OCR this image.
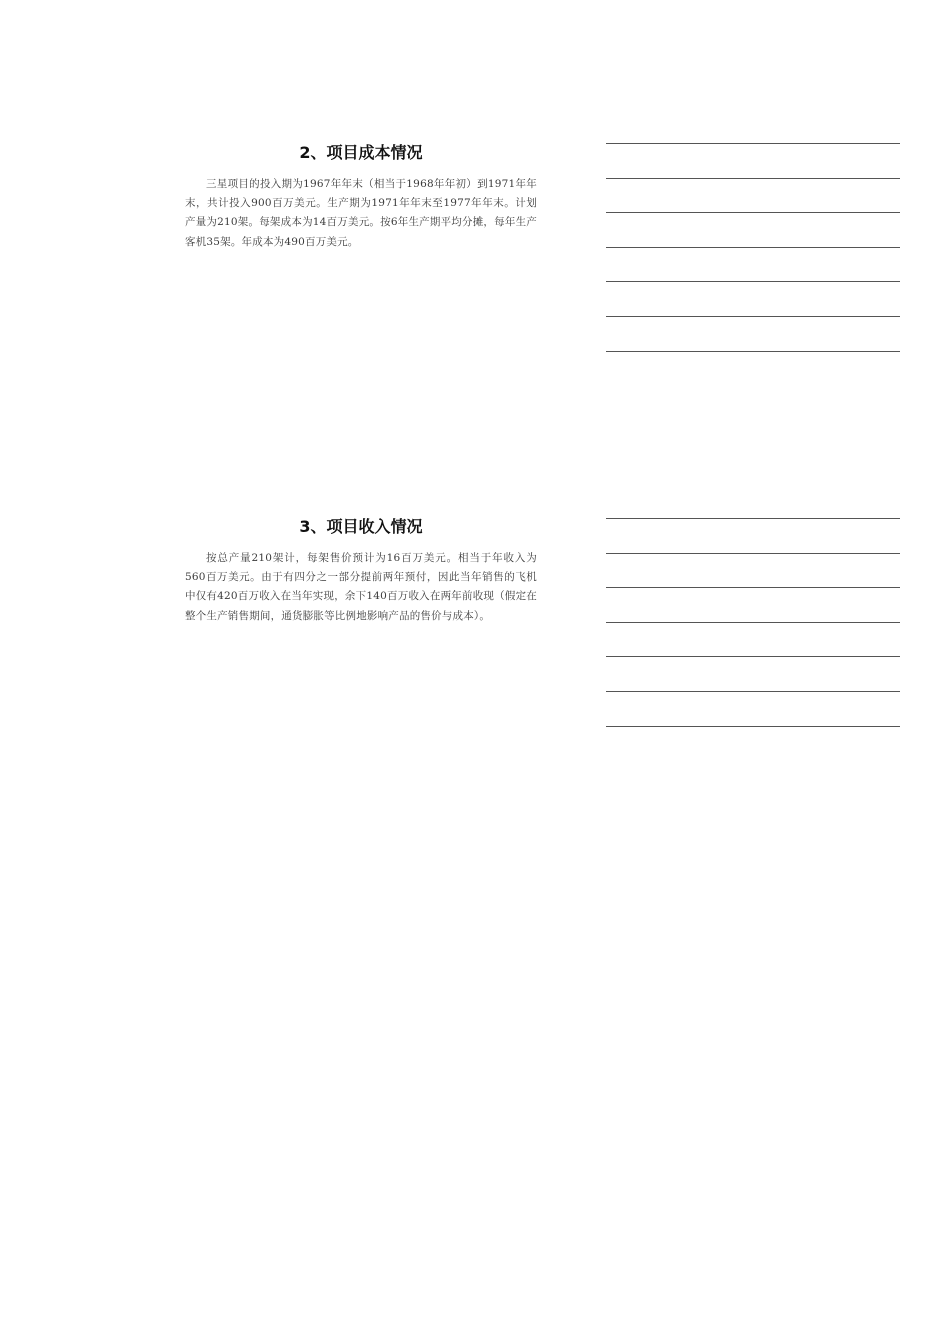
2、项目成本情况

三星项目的投入期为1967年年末（相当于1968年年初）到1971年年末，共计投入900百万美元。生产期为1971年年末至1977年年末。计划产量为210架。每架成本为14百万美元。按6年生产期平均分摊，每年生产客机35架。年成本为490百万美元。

3、项目收入情况

按总产量210架计，每架售价预计为16百万美元。相当于年收入为560百万美元。由于有四分之一部分提前两年预付，因此当年销售的飞机中仅有420百万收入在当年实现，余下140百万收入在两年前收现（假定在整个生产销售期间，通货膨胀等比例地影响产品的售价与成本）。
